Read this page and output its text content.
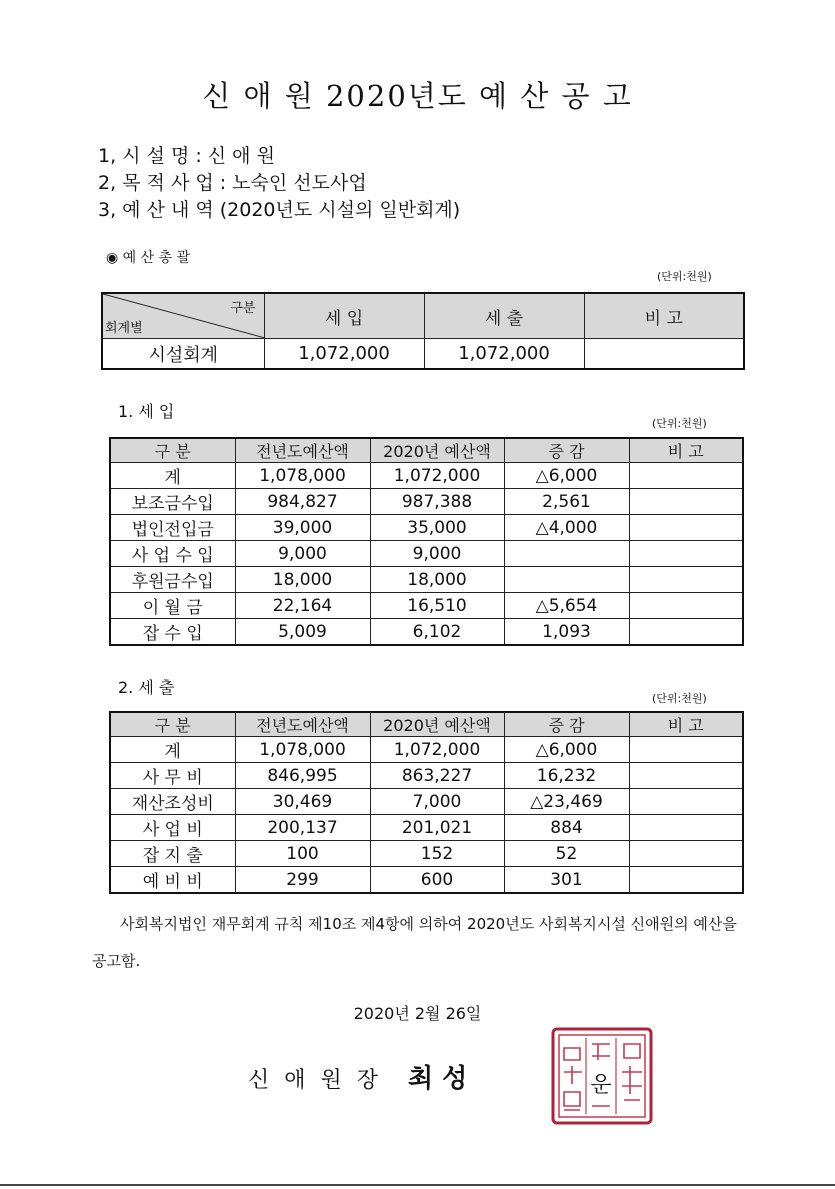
신 애 원 2020년도 예 산 공 고
1, 시 설 명 : 신 애 원
2, 목 적 사 업 : 노숙인 선도사업
3, 예 산 내 역 (2020년도 시설의 일반회계)
◉ 예 산 총 괄
(단위:천원)
구분
회계별	세 입	세 출	비 고
시설회계	1,072,000	1,072,000	
1. 세 입
(단위:천원)
구 분	전년도예산액	2020년 예산액	증 감	비 고
계	1,078,000	1,072,000	△6,000	
보조금수입	984,827	987,388	2,561	
법인전입금	39,000	35,000	△4,000	
사 업 수 입	9,000	9,000		
후원금수입	18,000	18,000		
이 월 금	22,164	16,510	△5,654	
잡 수 입	5,009	6,102	1,093	
2. 세 출
(단위:천원)
구 분	전년도예산액	2020년 예산액	증 감	비 고
계	1,078,000	1,072,000	△6,000	
사 무 비	846,995	863,227	16,232	
재산조성비	30,469	7,000	△23,469	
사 업 비	200,137	201,021	884	
잡 지 출	100	152	52	
예 비 비	299	600	301	
사회복지법인 재무회계 규칙 제10조 제4항에 의하여 2020년도 사회복지시설 신애원의 예산을 공고함.
2020년 2월 26일
신 애 원 장 최 성	운
